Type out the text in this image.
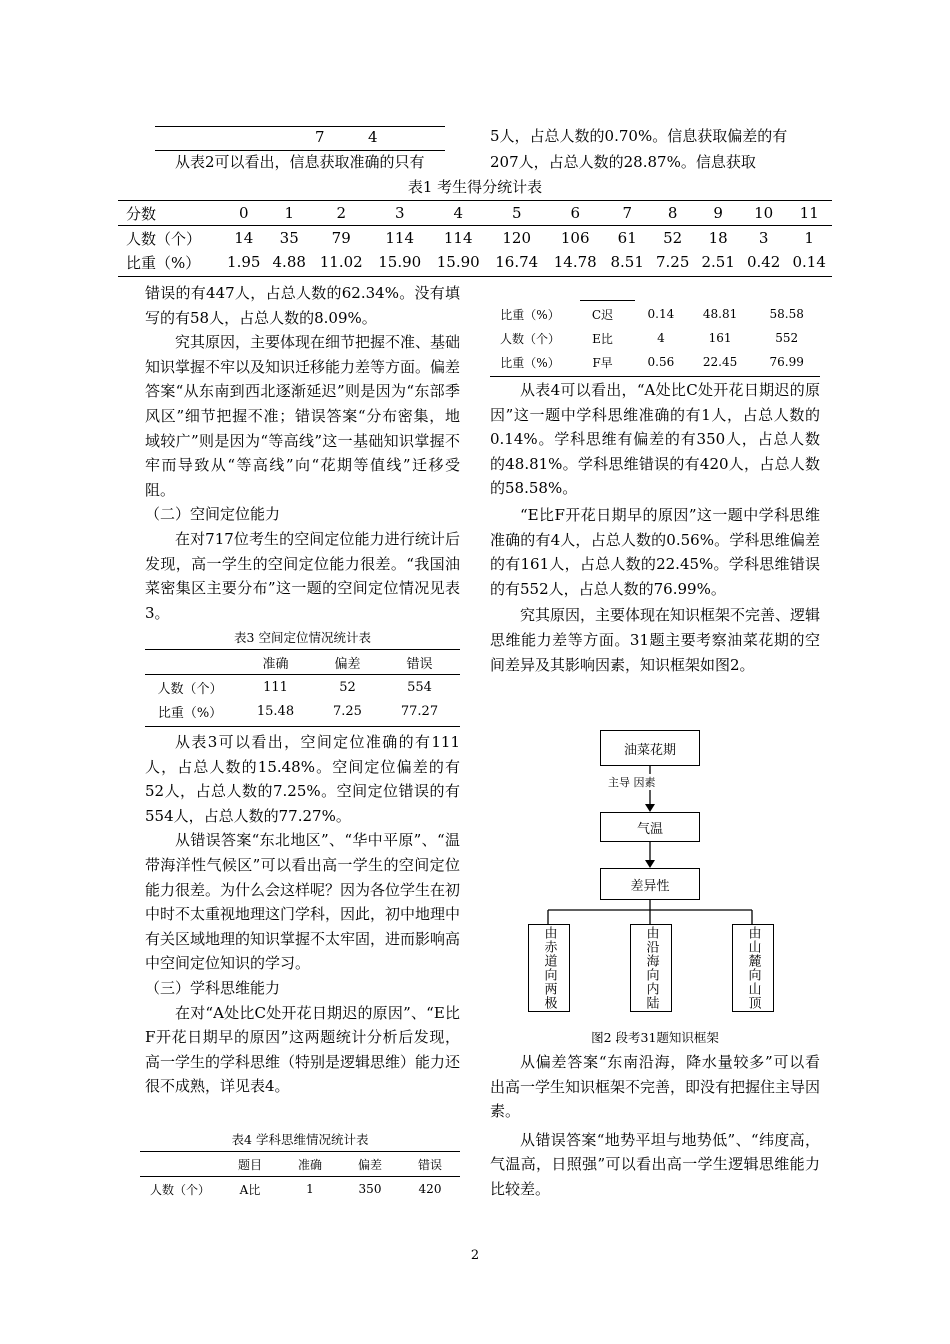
7	4

从表2可以看出，信息获取准确的只有

5人，占总人数的0.70%。信息获取偏差的有

207人，占总人数的28.87%。信息获取

表1 考生得分统计表
分数	0	1	2	3	4	5	6	7	8	9	10	11
人数（个）	14	35	79	114	114	120	106	61	52	18	3	1
比重（%）	1.95	4.88	11.02	15.90	15.90	16.74	14.78	8.51	7.25	2.51	0.42	0.14

错误的有447人，占总人数的62.34%。没有填写的有58人，占总人数的8.09%。

究其原因，主要体现在细节把握不准、基础知识掌握不牢以及知识迁移能力差等方面。偏差答案“从东南到西北逐渐延迟”则是因为“东部季风区”细节把握不准；错误答案“分布密集，地域较广”则是因为“等高线”这一基础知识掌握不牢而导致从“等高线”向“花期等值线”迁移受阻。

（二）空间定位能力

在对717位考生的空间定位能力进行统计后发现，高一学生的空间定位能力很差。“我国油菜密集区主要分布”这一题的空间定位情况见表3。

表3 空间定位情况统计表
	准确	偏差	错误
人数（个）	111	52	554
比重（%）	15.48	7.25	77.27

从表3可以看出，空间定位准确的有111人，占总人数的15.48%。空间定位偏差的有52人，占总人数的7.25%。空间定位错误的有554人，占总人数的77.27%。

从错误答案“东北地区”、“华中平原”、“温带海洋性气候区”可以看出高一学生的空间定位能力很差。为什么会这样呢？因为各位学生在初中时不太重视地理这门学科，因此，初中地理中有关区域地理的知识掌握不太牢固，进而影响高中空间定位知识的学习。

（三）学科思维能力

在对“A处比C处开花日期迟的原因”、“E比F开花日期早的原因”这两题统计分析后发现，高一学生的学科思维（特别是逻辑思维）能力还很不成熟，详见表4。

表4 学科思维情况统计表
	题目	准确	偏差	错误
人数（个）	A比	1	350	420
比重（%）	C迟	0.14	48.81	58.58
人数（个）	E比	4	161	552
比重（%）	F早	0.56	22.45	76.99

从表4可以看出，“A处比C处开花日期迟的原因”这一题中学科思维准确的有1人，占总人数的0.14%。学科思维有偏差的有350人，占总人数的48.81%。学科思维错误的有420人，占总人数的58.58%。

“E比F开花日期早的原因”这一题中学科思维准确的有4人，占总人数的0.56%。学科思维偏差的有161人，占总人数的22.45%。学科思维错误的有552人，占总人数的76.99%。

究其原因，主要体现在知识框架不完善、逻辑思维能力差等方面。31题主要考察油菜花期的空间差异及其影响因素，知识框架如图2。

油菜花期
主导 因素
气温
差异性
由赤道向两极	由沿海向内陆	由山麓向山顶
图2 段考31题知识框架

从偏差答案“东南沿海，降水量较多”可以看出高一学生知识框架不完善，即没有把握住主导因素。

从错误答案“地势平坦与地势低”、“纬度高，气温高，日照强”可以看出高一学生逻辑思维能力比较差。

2
